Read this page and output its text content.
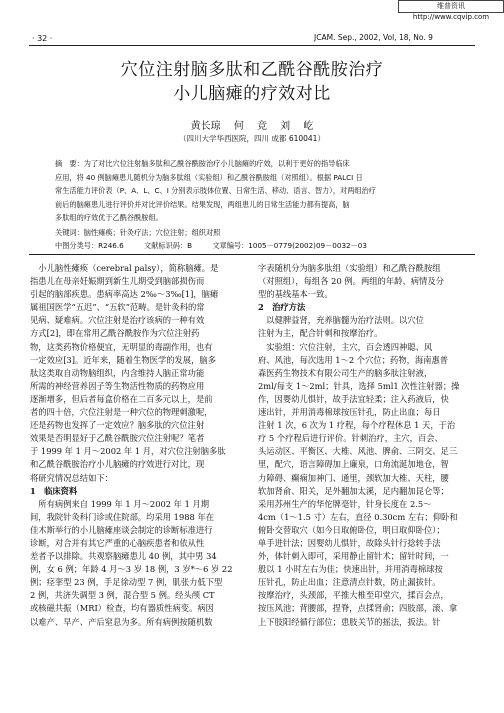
维普资讯 http://www.cqvip.com
· 32 ·	JCAM. Sep., 2002, Vol, 18, No. 9
穴位注射脑多肽和乙酰谷酰胺治疗
小儿脑瘫的疗效对比
黄长琼 何 竞 刘 屹
（四川大学华西医院，四川 成都 610041）
摘　要：为了对比穴位注射脑多肽和乙酰谷酰胺治疗小儿脑瘫的疗效，以利于更好的指导临床
应用，将 40 例脑瘫患儿随机分为脑多肽组（实验组）和乙酰谷酰胺组（对照组）。根据 PALCI 日
常生活能力评价表（P、A、L、C、I 分别表示肢体位置、日常生活、移动、语言、智力），对两组治疗
前后的脑瘫患儿进行评价并对比评价结果。结果发现，两组患儿的日常生活能力都有提高，脑
多肽组的疗效优于乙酰谷酰胺组。
关键词：脑性瘫痪；针灸疗法；穴位注射；组织对照
中图分类号：R246.6	文献标识码：B	文章编号：1005－0779(2002)09－0032－03

　小儿脑性瘫痪（cerebral palsy），简称脑瘫。是

指患儿在母亲妊娠期到新生儿期受到脑部损伤而

引起的脑部疾患。患病率高达 2‰～3‰[1]，脑瘫

属祖国医学“五迟”、“五软”范畴。是针灸科的常

见病、疑难病。穴位注射是治疗该病的一种有效

方式[2]，即在常用乙酰谷酰胺作为穴位注射药

物，这类药物价格便宜，无明显的毒副作用，也有

一定效应[3]。近年来，随着生物医学的发展，脑多

肽这类取自动物脑组织，内含维持人脑正常功能

所需的神经营养因子等生物活性物质的药物应用

逐渐增多，但后者每盒价格在二百多元以上，是前

者的四十倍，穴位注射是一种穴位的物理刺激呢，

还是药物也发挥了一定效应？脑多肽的穴位注射

效果是否明显好于乙酰谷酰胺穴位注射呢？笔者

于 1999 年 1 月～2002 年 1 月，对穴位注射脑多肽

和乙酰谷酰胺治疗小儿脑瘫的疗效进行对比，现

将研究情况总结如下：

1　临床资料

　所有病例来自 1999 年 1 月～2002 年 1 月期

间，我院针灸科门诊或住院部。均采用 1988 年在

佳木斯举行的小儿脑瘫座谈会制定的诊断标准进行

诊断，对合并有其它严重的心脑疾患者和依从性

差者予以排除。共观察脑瘫患儿 40 例，其中男 34

例，女 6 例；年龄 4 月～3 岁 18 例，3 岁*～6 岁 22

例；痉挛型 23 例，手足徐动型 7 例，肌张力低下型

2 例，共济失调型 3 例，混合型 5 例。经头颅 CT

或核磁共振（MRI）检查，均有器质性病变。病因

以难产、早产、产后窒息为多。所有病例按随机数

字表随机分为脑多肽组（实验组）和乙酰谷酰胺组

（对照组），每组各 20 例。两组的年龄、病情及分

型的基线基本一致。

2　治疗方法

　以健脾益肾，充养脑髓为治疗法则。以穴位

注射为主，配合针刺和按摩治疗。

　实验组：穴位注射，主穴，百会透四神聪、风

府、风池，每次选用 1～2 个穴位；药物，海南惠普

森医药生物技术有限公司生产的脑多肽注射液，

2ml/每支 1～2ml；针具，选择 5ml1 次性注射器；操

作，因婴幼儿惧针，故手法宜轻柔；注入药液后，快

速出针，并用消毒棉球按压针孔，防止出血；每日

注射 1 次，6 次为 1 疗程，每个疗程休息 1 天，于治

疗 5 个疗程后进行评价。针刺治疗，主穴，百会、

头运动区、平衡区、大椎、风池、脾俞、三阴交、足三

里，配穴，语言障碍加上廉泉，口角流涎加地仓，智

力障碍、癫痫加神门、通里，颈软加大椎、天柱，腰

软加肾俞、阳关，足外翻加太溪，足内翻加昆仑等；

采用苏州生产的华佗牌毫针，针身长度在 2.5～

4cm（1～1.5 寸）左右，直径 0.30cm 左右；仰卧和

俯卧交替取穴（如今日取俯卧位，明日取仰卧位）；

单手进针法；因婴幼儿惧针，故除头针行捻转手法

外，体针刺入即可，采用静止留针术；留针时间，一

般以 1 小时左右为佳；快速出针，并用消毒棉球按

压针孔，防止出血；注意清点针数，防止漏拔针。

按摩治疗，头颈部，平推大椎至印堂穴，揉百会点，

按压风池；背腰部，捏脊，点揉肾俞；四肢部，滚、拿

上下肢阳经循行部位；患肢关节的摇法，扳法。针
